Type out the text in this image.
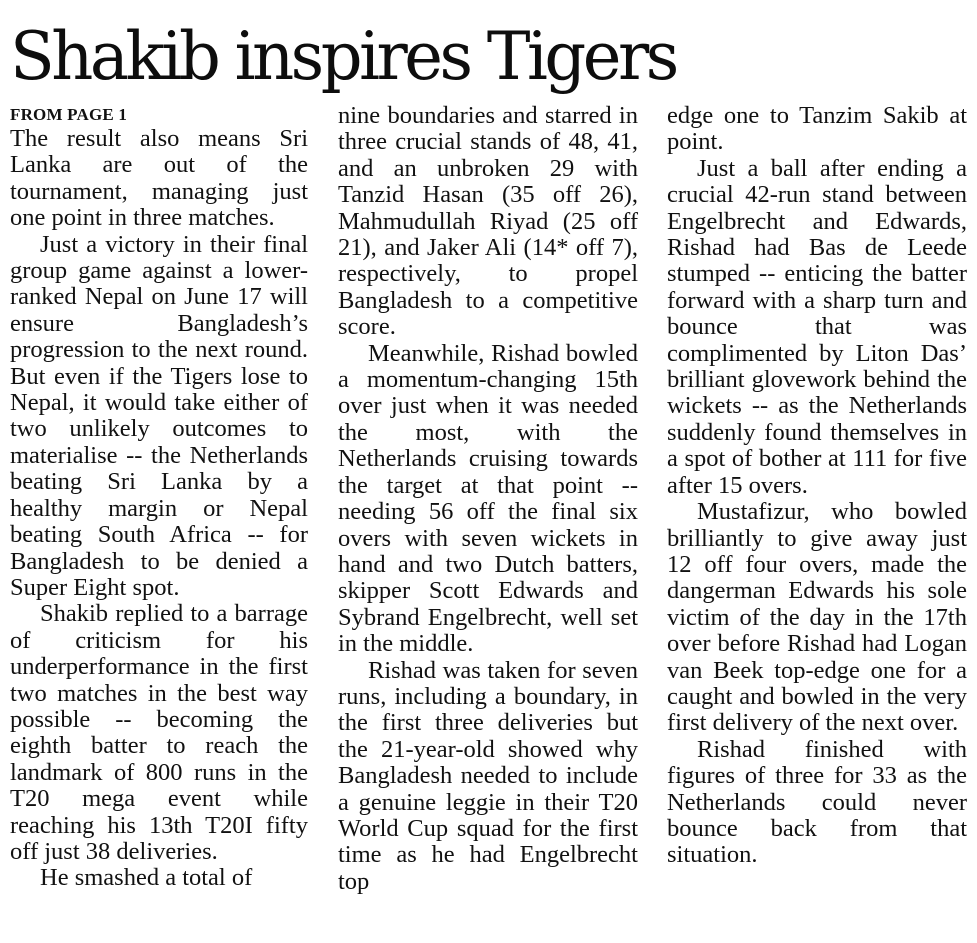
Shakib inspires Tigers
FROM PAGE 1

The result also means Sri Lanka are out of the tournament, managing just one point in three matches.

Just a victory in their final group game against a lower-ranked Nepal on June 17 will ensure Bangladesh’s progression to the next round. But even if the Tigers lose to Nepal, it would take either of two unlikely outcomes to materialise -- the Netherlands beating Sri Lanka by a healthy margin or Nepal beating South Africa -- for Bangladesh to be denied a Super Eight spot.

Shakib replied to a barrage of criticism for his underperformance in the first two matches in the best way possible -- becoming the eighth batter to reach the landmark of 800 runs in the T20 mega event while reaching his 13th T20I fifty off just 38 deliveries.

He smashed a total of

nine boundaries and starred in three crucial stands of 48, 41, and an unbroken 29 with Tanzid Hasan (35 off 26), Mahmudullah Riyad (25 off 21), and Jaker Ali (14* off 7), respectively, to propel Bangladesh to a competitive score.

Meanwhile, Rishad bowled a momentum-changing 15th over just when it was needed the most, with the Netherlands cruising towards the target at that point -- needing 56 off the final six overs with seven wickets in hand and two Dutch batters, skipper Scott Edwards and Sybrand Engelbrecht, well set in the middle.

Rishad was taken for seven runs, including a boundary, in the first three deliveries but the 21-year-old showed why Bangladesh needed to include a genuine leggie in their T20 World Cup squad for the first time as he had Engelbrecht top

edge one to Tanzim Sakib at point.

Just a ball after ending a crucial 42-run stand between Engelbrecht and Edwards, Rishad had Bas de Leede stumped -- enticing the batter forward with a sharp turn and bounce that was complimented by Liton Das’ brilliant glovework behind the wickets -- as the Netherlands suddenly found themselves in a spot of bother at 111 for five after 15 overs.

Mustafizur, who bowled brilliantly to give away just 12 off four overs, made the dangerman Edwards his sole victim of the day in the 17th over before Rishad had Logan van Beek top-edge one for a caught and bowled in the very first delivery of the next over.

Rishad finished with figures of three for 33 as the Netherlands could never bounce back from that situation.
